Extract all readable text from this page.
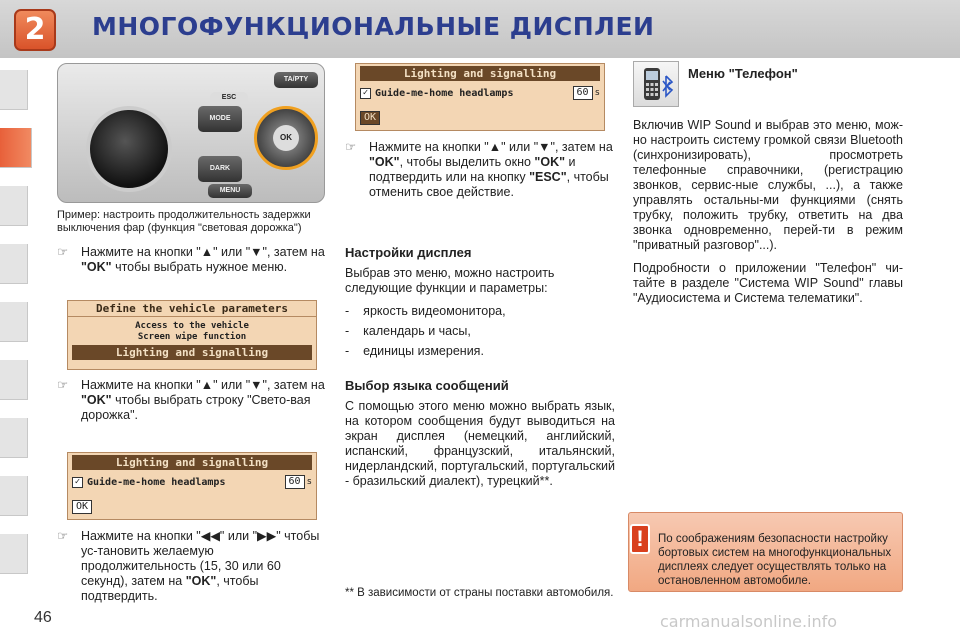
2	МНОГОФУНКЦИОНАЛЬНЫЕ ДИСПЛЕИ
MODE
DARK
MENU
ESC
TA/PTY
OK
Пример: настроить продолжительность задержки выключения фар (функция "световая дорожка")
☞ Нажмите на кнопки "▲" или "▼", затем на "OK" чтобы выбрать нужное меню.
Define the vehicle parameters
Access to the vehicle
Screen wipe function
Lighting and signalling
☞ Нажмите на кнопки "▲" или "▼", затем на "OK" чтобы выбрать строку "Свето-вая дорожка".
Lighting and signalling
✓ Guide-me-home headlamps	60 s
OK
☞ Нажмите на кнопки "◀◀" или "▶▶" чтобы ус-тановить желаемую продолжительность (15, 30 или 60 секунд), затем на "OK", чтобы подтвердить.
Lighting and signalling
✓ Guide-me-home headlamps	60 s
OK
☞ Нажмите на кнопки "▲" или "▼", затем на "OK", чтобы выделить окно "OK" и подтвердить или на кнопку "ESC", чтобы отменить свое действие.
Настройки дисплея
Выбрав это меню, можно настроить следующие функции и параметры:
- яркость видеомонитора,
- календарь и часы,
- единицы измерения.
Выбор языка сообщений
С помощью этого меню можно выбрать язык, на котором сообщения будут выводиться на экран дисплея (немецкий, английский, испанский, французский, итальянский, нидерландский, португальский, португальский - бразильский диалект), турецкий**.
** В зависимости от страны поставки автомобиля.
Меню "Телефон"
Включив WIP Sound и выбрав это меню, мож-но настроить систему громкой связи Bluetooth (синхронизировать), просмотреть телефонные справочники, (регистрацию звонков, сервис-ные службы, ...), а также управлять остальны-ми функциями (снять трубку, положить трубку, ответить на два звонка одновременно, перей-ти в режим "приватный разговор"...).
Подробности о приложении "Телефон" чи-тайте в разделе "Система WIP Sound" главы "Аудиосистема и Система телематики".
!	По соображениям безопасности настройку бортовых систем на многофункциональных дисплеях следует осуществлять только на остановленном автомобиле.
46	carmanualsonline.info
